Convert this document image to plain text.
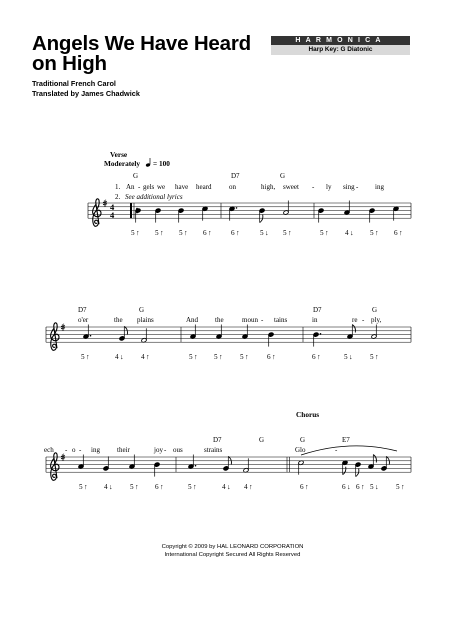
Angels We Have Heard on High
Traditional French Carol
Translated by James Chadwick
HARMONICA
Harp Key: G Diatonic
Verse
Moderately = 100
1.
2. See additional lyrics
Chorus
4
4
G	D7	G
An - gels we have heard on	high, sweet - ly sing - ing
5 ↑ 5 ↑ 5 ↑ 6 ↑	6 ↑	5 ↓ 5 ↑	5 ↑ 4 ↓ 5 ↑ 6 ↑
D7	G	D7	G
o'er	the plains	And the	moun - tains	in	re - ply,
5 ↑	4 ↓ 4 ↑	5 ↑ 5 ↑ 5 ↑	6 ↑	6 ↑	5 ↓ 5 ↑
D7	G	G	E7
ech - o - ing their	joy - ous	strains	Glo	-
5 ↑ 4 ↓ 5 ↑ 6 ↑	5 ↑	4 ↓ 4 ↑	6 ↑	6 ↓ 6 ↑ 5 ↓ 5 ↑
Copyright © 2009 by HAL LEONARD CORPORATION
International Copyright Secured All Rights Reserved
